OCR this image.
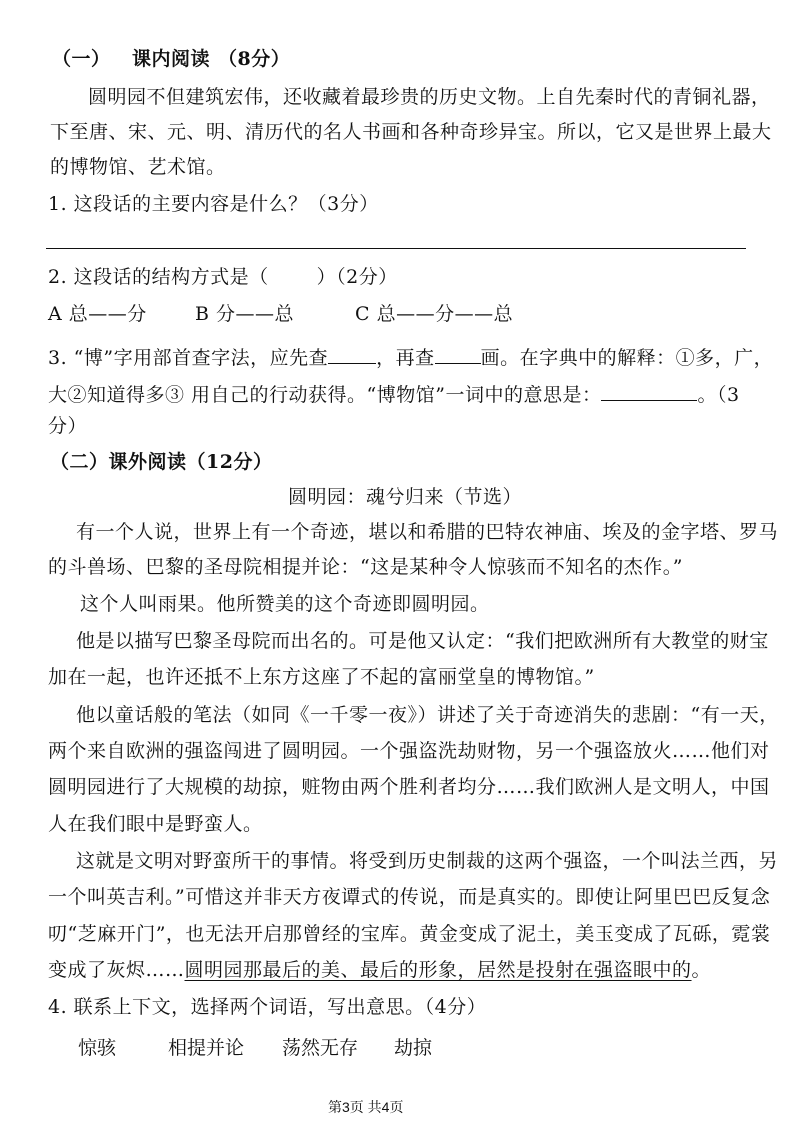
（一） 课内阅读 （8分）
圆明园不但建筑宏伟，还收藏着最珍贵的历史文物。上自先秦时代的青铜礼器，
下至唐、宋、元、明、清历代的名人书画和各种奇珍异宝。所以，它又是世界上最大
的博物馆、艺术馆。
1. 这段话的主要内容是什么？（3分）
2. 这段话的结构方式是（	）（2分）
A 总——分	B 分——总	C 总——分——总
3. “博”字用部首查字法，应先查	，再查 画。在字典中的解释：①多，广，
大②知道得多③ 用自己的行动获得。“博物馆”一词中的意思是：	。（3
分）
（二）课外阅读（12分）
圆明园：魂兮归来（节选）
有一个人说，世界上有一个奇迹，堪以和希腊的巴特农神庙、埃及的金字塔、罗马
的斗兽场、巴黎的圣母院相提并论：“这是某种令人惊骇而不知名的杰作。”
这个人叫雨果。他所赞美的这个奇迹即圆明园。
他是以描写巴黎圣母院而出名的。可是他又认定：“我们把欧洲所有大教堂的财宝
加在一起，也许还抵不上东方这座了不起的富丽堂皇的博物馆。”
他以童话般的笔法（如同《一千零一夜》）讲述了关于奇迹消失的悲剧：“有一天，
两个来自欧洲的强盗闯进了圆明园。一个强盗洗劫财物，另一个强盗放火……他们对
圆明园进行了大规模的劫掠，赃物由两个胜利者均分……我们欧洲人是文明人，中国
人在我们眼中是野蛮人。
这就是文明对野蛮所干的事情。将受到历史制裁的这两个强盗，一个叫法兰西，另
一个叫英吉利。”可惜这并非天方夜谭式的传说，而是真实的。即使让阿里巴巴反复念
叨“芝麻开门”，也无法开启那曾经的宝库。黄金变成了泥土，美玉变成了瓦砾，霓裳
变成了灰烬……圆明园那最后的美、最后的形象，居然是投射在强盗眼中的。
4. 联系上下文，选择两个词语，写出意思。（4分）
惊骇	相提并论 荡然无存 劫掠
第3页 共4页
